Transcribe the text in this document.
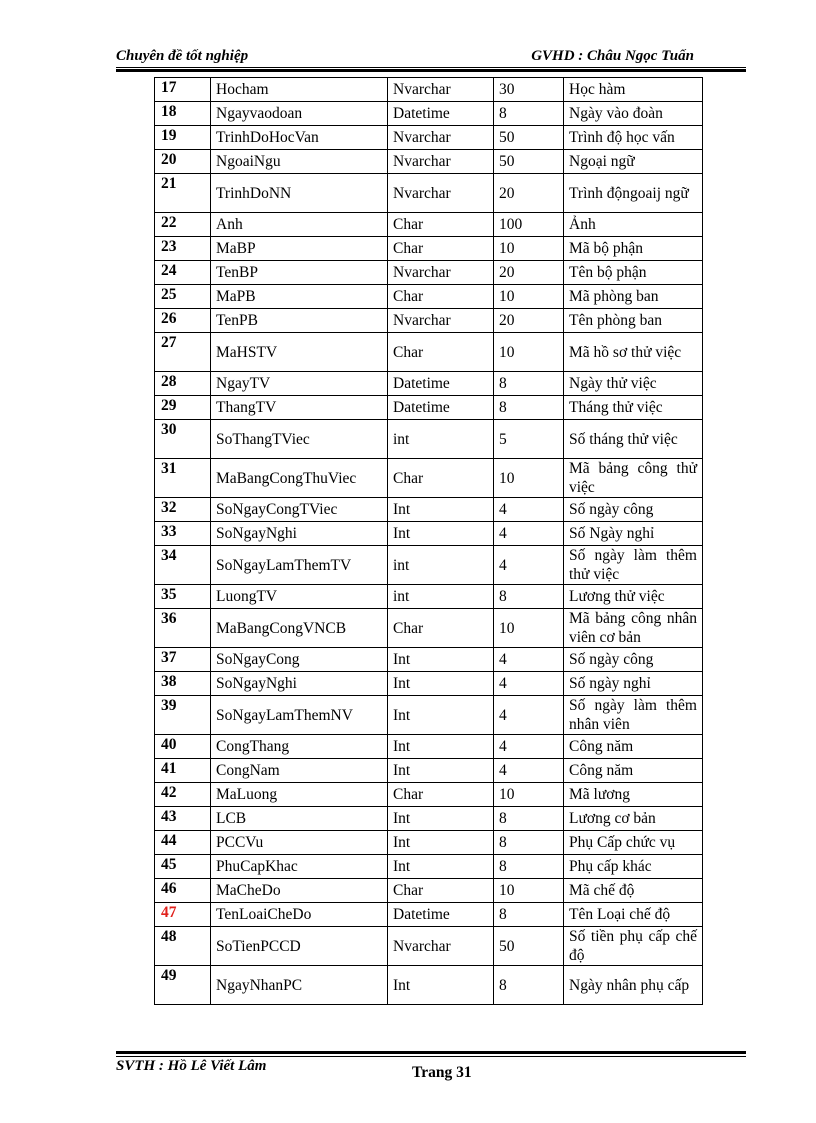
Chuyên đề tốt nghiệp	GVHD : Châu Ngọc Tuấn
17	Hocham	Nvarchar	30	Học hàm
18	Ngayvaodoan	Datetime	8	Ngày vào đoàn
19	TrinhDoHocVan	Nvarchar	50	Trình độ học vấn
20	NgoaiNgu	Nvarchar	50	Ngoại ngữ
21	TrinhDoNN	Nvarchar	20	Trình độngoaij ngữ
22	Anh	Char	100	Ảnh
23	MaBP	Char	10	Mã bộ phận
24	TenBP	Nvarchar	20	Tên bộ phận
25	MaPB	Char	10	Mã phòng ban
26	TenPB	Nvarchar	20	Tên phòng ban
27	MaHSTV	Char	10	Mã hồ sơ thử việc
28	NgayTV	Datetime	8	Ngày thử việc
29	ThangTV	Datetime	8	Tháng thử việc
30	SoThangTViec	int	5	Số tháng thử việc
31	MaBangCongThuViec	Char	10	Mã bảng công thử việc
32	SoNgayCongTViec	Int	4	Số ngày công
33	SoNgayNghi	Int	4	Số Ngày nghỉ
34	SoNgayLamThemTV	int	4	Số ngày làm thêm thử việc
35	LuongTV	int	8	Lương thử việc
36	MaBangCongVNCB	Char	10	Mã bảng công nhân viên cơ bản
37	SoNgayCong	Int	4	Số ngày công
38	SoNgayNghi	Int	4	Số ngày nghỉ
39	SoNgayLamThemNV	Int	4	Số ngày làm thêm nhân viên
40	CongThang	Int	4	Công năm
41	CongNam	Int	4	Công năm
42	MaLuong	Char	10	Mã lương
43	LCB	Int	8	Lương cơ bản
44	PCCVu	Int	8	Phụ Cấp chức vụ
45	PhuCapKhac	Int	8	Phụ cấp khác
46	MaCheDo	Char	10	Mã chế độ
47	TenLoaiCheDo	Datetime	8	Tên Loại chế độ
48	SoTienPCCD	Nvarchar	50	Số tiền phụ cấp chế độ
49	NgayNhanPC	Int	8	Ngày nhân phụ cấp
SVTH : Hồ Lê Viết Lâm	Trang 31
